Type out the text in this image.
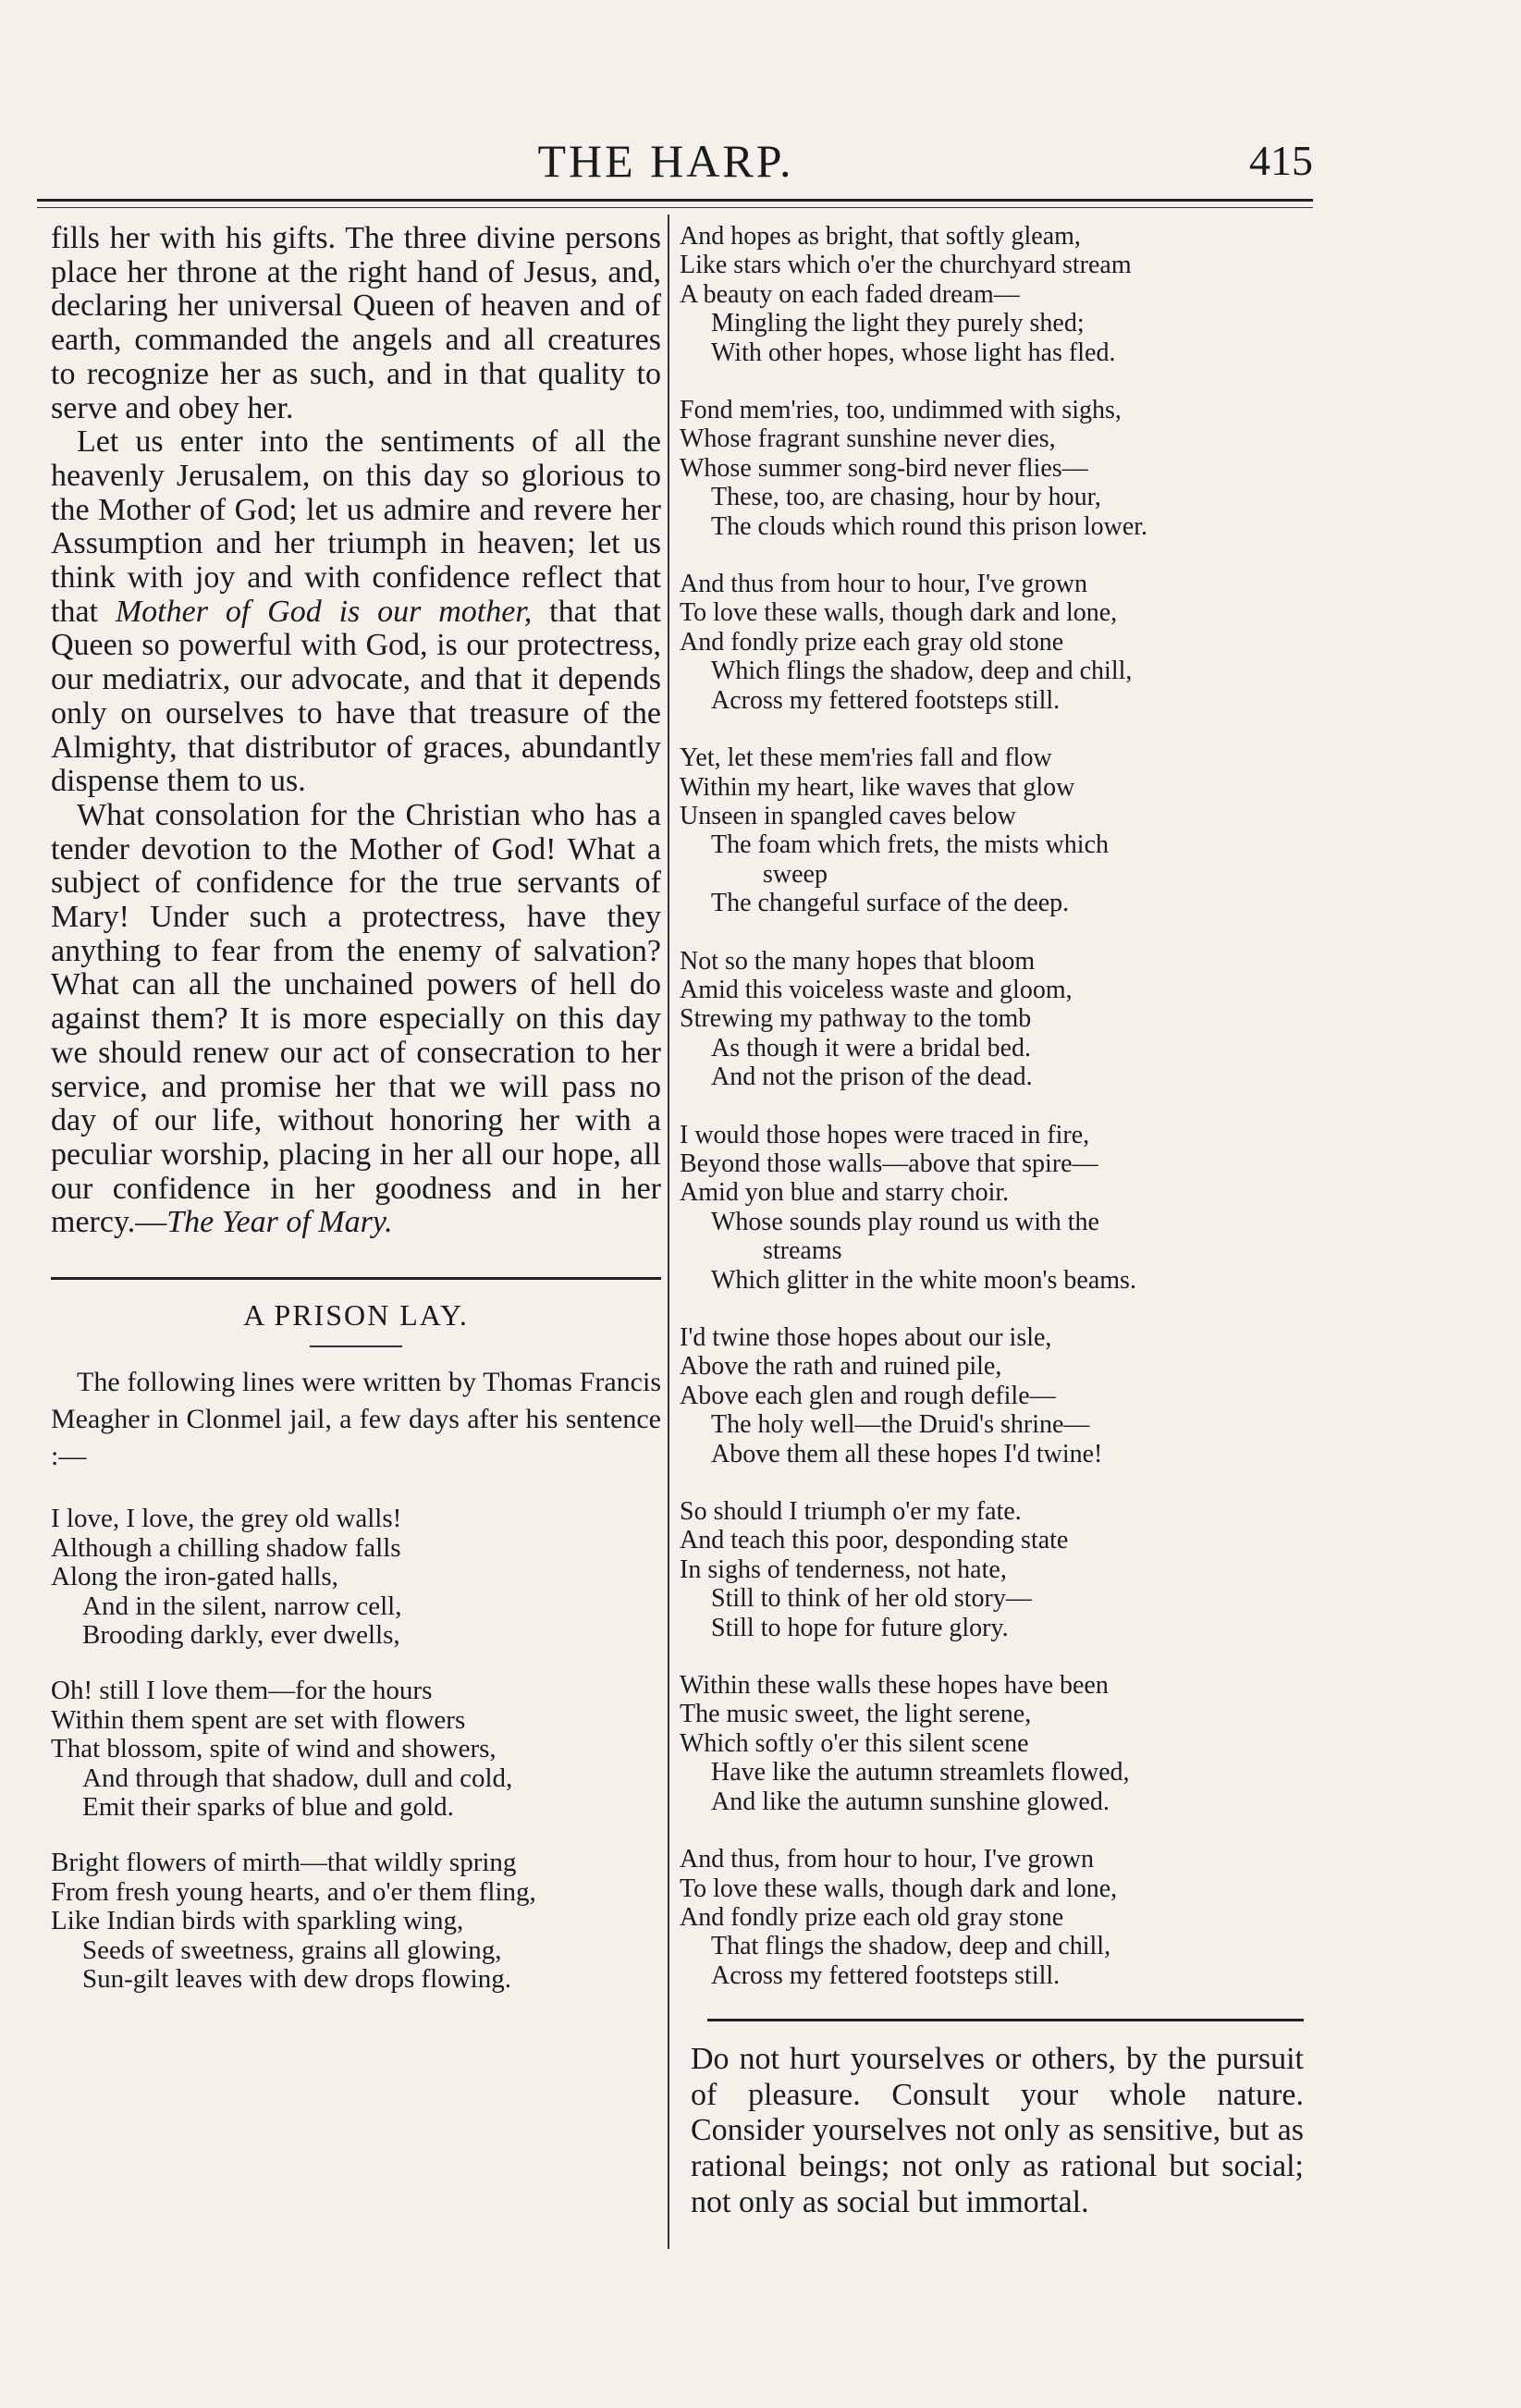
THE HARP.	415

fills her with his gifts. The three divine persons place her throne at the right hand of Jesus, and, declaring her universal Queen of heaven and of earth, commanded the angels and all creatures to recognize her as such, and in that quality to serve and obey her.

Let us enter into the sentiments of all the heavenly Jerusalem, on this day so glorious to the Mother of God; let us admire and revere her Assumption and her triumph in heaven; let us think with joy and with confidence reflect that that Mother of God is our mother, that that Queen so powerful with God, is our protectress, our mediatrix, our advocate, and that it depends only on ourselves to have that treasure of the Almighty, that distributor of graces, abundantly dispense them to us.

What consolation for the Christian who has a tender devotion to the Mother of God! What a subject of confidence for the true servants of Mary! Under such a protectress, have they anything to fear from the enemy of salvation? What can all the unchained powers of hell do against them? It is more especially on this day we should renew our act of consecration to her service, and promise her that we will pass no day of our life, without honoring her with a peculiar worship, placing in her all our hope, all our confidence in her goodness and in her mercy.—The Year of Mary.

A PRISON LAY.

The following lines were written by Thomas Francis Meagher in Clonmel jail, a few days after his sentence :—

I love, I love, the grey old walls!
Although a chilling shadow falls
Along the iron-gated halls,
And in the silent, narrow cell,
Brooding darkly, ever dwells,
Oh! still I love them—for the hours
Within them spent are set with flowers
That blossom, spite of wind and showers,
And through that shadow, dull and cold,
Emit their sparks of blue and gold.
Bright flowers of mirth—that wildly spring
From fresh young hearts, and o'er them fling,
Like Indian birds with sparkling wing,
Seeds of sweetness, grains all glowing,
Sun-gilt leaves with dew drops flowing.
And hopes as bright, that softly gleam,
Like stars which o'er the churchyard stream
A beauty on each faded dream—
Mingling the light they purely shed;
With other hopes, whose light has fled.
Fond mem'ries, too, undimmed with sighs,
Whose fragrant sunshine never dies,
Whose summer song-bird never flies—
These, too, are chasing, hour by hour,
The clouds which round this prison lower.
And thus from hour to hour, I've grown
To love these walls, though dark and lone,
And fondly prize each gray old stone
Which flings the shadow, deep and chill,
Across my fettered footsteps still.
Yet, let these mem'ries fall and flow
Within my heart, like waves that glow
Unseen in spangled caves below
The foam which frets, the mists which
sweep
The changeful surface of the deep.
Not so the many hopes that bloom
Amid this voiceless waste and gloom,
Strewing my pathway to the tomb
As though it were a bridal bed.
And not the prison of the dead.
I would those hopes were traced in fire,
Beyond those walls—above that spire—
Amid yon blue and starry choir.
Whose sounds play round us with the
streams
Which glitter in the white moon's beams.
I'd twine those hopes about our isle,
Above the rath and ruined pile,
Above each glen and rough defile—
The holy well—the Druid's shrine—
Above them all these hopes I'd twine!
So should I triumph o'er my fate.
And teach this poor, desponding state
In sighs of tenderness, not hate,
Still to think of her old story—
Still to hope for future glory.
Within these walls these hopes have been
The music sweet, the light serene,
Which softly o'er this silent scene
Have like the autumn streamlets flowed,
And like the autumn sunshine glowed.
And thus, from hour to hour, I've grown
To love these walls, though dark and lone,
And fondly prize each old gray stone
That flings the shadow, deep and chill,
Across my fettered footsteps still.

Do not hurt yourselves or others, by the pursuit of pleasure. Consult your whole nature. Consider yourselves not only as sensitive, but as rational beings; not only as rational but social; not only as social but immortal.
